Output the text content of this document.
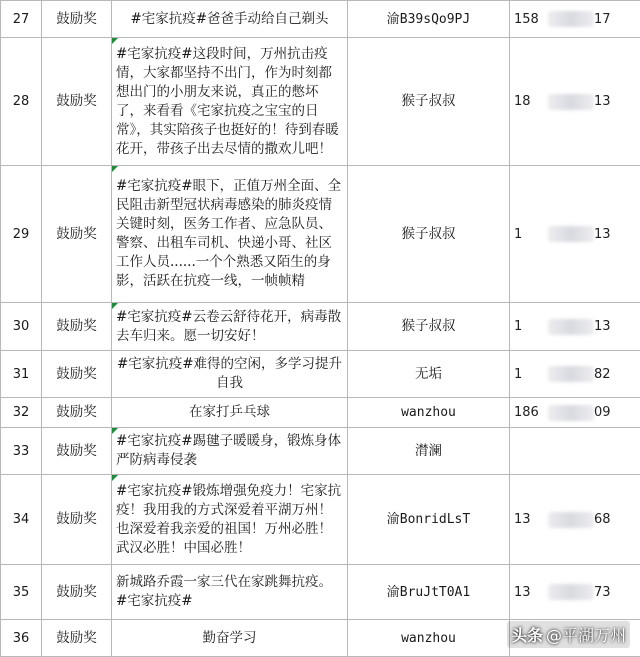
27	鼓励奖	#宅家抗疫#爸爸手动给自己剃头	渝B39sQo9PJ	158 17

28	鼓励奖	#宅家抗疫#这段时间，万州抗击疫情，大家都坚持不出门，作为时刻都想出门的小朋友来说，真正的憋坏了，来看看《宅家抗疫之宝宝的日常》，其实陪孩子也挺好的！待到春暖花开，带孩子出去尽情的撒欢儿吧！	猴子叔叔	18 13

29	鼓励奖	#宅家抗疫#眼下，正值万州全面、全民阻击新型冠状病毒感染的肺炎疫情关键时刻，医务工作者、应急队员、警察、出租车司机、快递小哥、社区工作人员......一个个熟悉又陌生的身影，活跃在抗疫一线，一帧帧精	猴子叔叔	1 13

30	鼓励奖	#宅家抗疫#云卷云舒待花开，病毒散去车归来。愿一切安好！	猴子叔叔	1 13

31	鼓励奖	#宅家抗疫#难得的空闲，多学习提升自我	无垢	1 82

32	鼓励奖	在家打乒乓球	wanzhou	186 09

33	鼓励奖	#宅家抗疫#踢毽子暖暖身，锻炼身体严防病毒侵袭	潸澜	
34	鼓励奖	#宅家抗疫#锻炼增强免疫力！宅家抗疫！我用我的方式深爱着平湖万州！也深爱着我亲爱的祖国！万州必胜！武汉必胜！中国必胜！	渝BonridLsT	13 68

35	鼓励奖	新城路乔霞一家三代在家跳舞抗疫。#宅家抗疫#	渝BruJtT0A1	13 73

36	鼓励奖	勤奋学习	wanzhou		头条 @平湖万州
